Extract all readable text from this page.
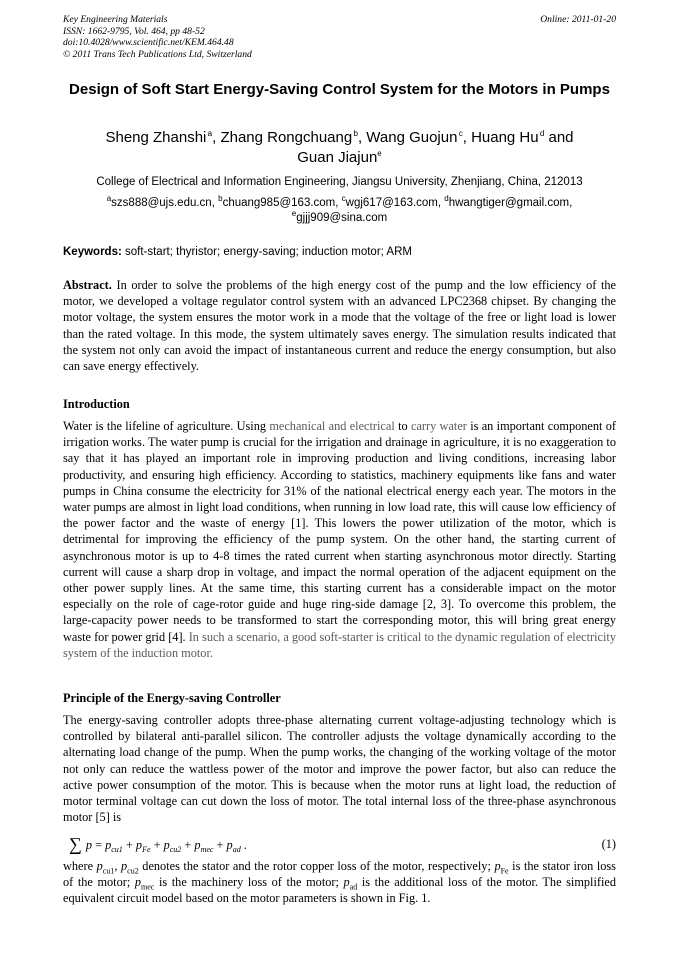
Key Engineering Materials
ISSN: 1662-9795, Vol. 464, pp 48-52
doi:10.4028/www.scientific.net/KEM.464.48
© 2011 Trans Tech Publications Ltd, Switzerland
Online: 2011-01-20
Design of Soft Start Energy-Saving Control System for the Motors in Pumps
Sheng Zhanshi $^a$, Zhang Rongchuang $^b$, Wang Guojun $^c$, Huang Hu $^d$ and
Guan Jiajun$^e$
College of Electrical and Information Engineering, Jiangsu University, Zhenjiang, China, 212013
$^a$szs888@ujs.edu.cn, $^b$chuang985@163.com, $^c$wgj617@163.com, $^d$hwangtiger@gmail.com,
$^e$gjjj909@sina.com
Keywords: soft-start; thyristor; energy-saving; induction motor; ARM
Abstract. In order to solve the problems of the high energy cost of the pump and the low efficiency of the motor, we developed a voltage regulator control system with an advanced LPC2368 chipset. By changing the motor voltage, the system ensures the motor work in a mode that the voltage of the free or light load is lower than the rated voltage. In this mode, the system ultimately saves energy. The simulation results indicated that the system not only can avoid the impact of instantaneous current and reduce the energy consumption, but also can save energy effectively.
Introduction
Water is the lifeline of agriculture. Using mechanical and electrical to carry water is an important component of irrigation works. The water pump is crucial for the irrigation and drainage in agriculture, it is no exaggeration to say that it has played an important role in improving production and living conditions, increasing labor productivity, and ensuring high efficiency. According to statistics, machinery equipments like fans and water pumps in China consume the electricity for 31% of the national electrical energy each year. The motors in the water pumps are almost in light load conditions, when running in low load rate, this will cause low efficiency of the power factor and the waste of energy [1]. This lowers the power utilization of the motor, which is detrimental for improving the efficiency of the pump system. On the other hand, the starting current of asynchronous motor is up to 4-8 times the rated current when starting asynchronous motor directly. Starting current will cause a sharp drop in voltage, and impact the normal operation of the adjacent equipment on the other power supply lines. At the same time, this starting current has a considerable impact on the motor especially on the role of cage-rotor guide and huge ring-side damage [2, 3]. To overcome this problem, the large-capacity power needs to be transformed to start the corresponding motor, this will bring great energy waste for power grid [4]. In such a scenario, a good soft-starter is critical to the dynamic regulation of electricity system of the induction motor.
Principle of the Energy-saving Controller
The energy-saving controller adopts three-phase alternating current voltage-adjusting technology which is controlled by bilateral anti-parallel silicon. The controller adjusts the voltage dynamically according to the alternating load change of the pump. When the pump works, the changing of the working voltage of the motor not only can reduce the wattless power of the motor and improve the power factor, but also can reduce the active power consumption of the motor. This is because when the motor runs at light load, the reduction of motor terminal voltage can cut down the loss of motor. The total internal loss of the three-phase asynchronous motor [5] is
∑ $p = p_{cu1} + p_{Fe} + p_{cu2} + p_{mec} + p_{ad}$ .	(1)
where $p_{cu1}$, $p_{cu2}$ denotes the stator and the rotor copper loss of the motor, respectively; $p_{Fe}$ is the stator iron loss of the motor; $p_{mec}$ is the machinery loss of the motor; $p_{ad}$ is the additional loss of the motor. The simplified equivalent circuit model based on the motor parameters is shown in Fig. 1.
